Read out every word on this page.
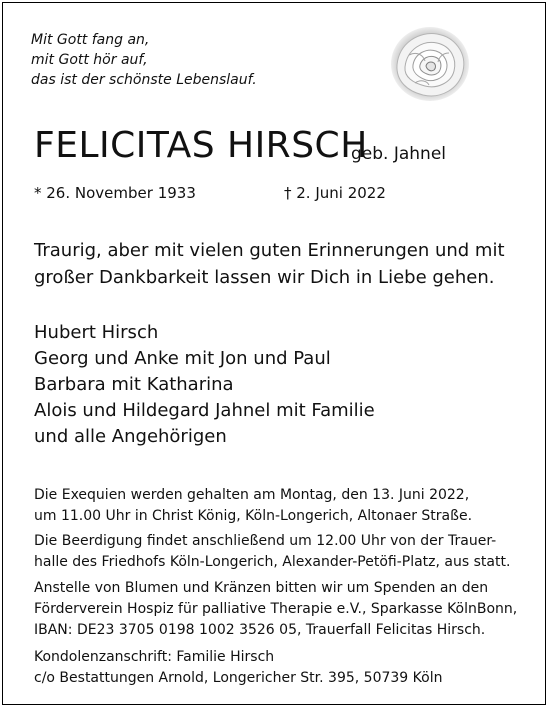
Mit Gott fang an,
mit Gott hör auf,
das ist der schönste Lebenslauf.
FELICITAS HIRSCH
geb. Jahnel
* 26. November 1933	† 2. Juni 2022
Traurig, aber mit vielen guten Erinnerungen und mit
großer Dankbarkeit lassen wir Dich in Liebe gehen.
Hubert Hirsch
Georg und Anke mit Jon und Paul
Barbara mit Katharina
Alois und Hildegard Jahnel mit Familie
und alle Angehörigen
Die Exequien werden gehalten am Montag, den 13. Juni 2022,
um 11.00 Uhr in Christ König, Köln-Longerich, Altonaer Straße.
Die Beerdigung findet anschließend um 12.00 Uhr von der Trauer-
halle des Friedhofs Köln-Longerich, Alexander-Petöfi-Platz, aus statt.
Anstelle von Blumen und Kränzen bitten wir um Spenden an den
Förderverein Hospiz für palliative Therapie e.V., Sparkasse KölnBonn,
IBAN: DE23 3705 0198 1002 3526 05, Trauerfall Felicitas Hirsch.
Kondolenzanschrift: Familie Hirsch
c/o Bestattungen Arnold, Longericher Str. 395, 50739 Köln
